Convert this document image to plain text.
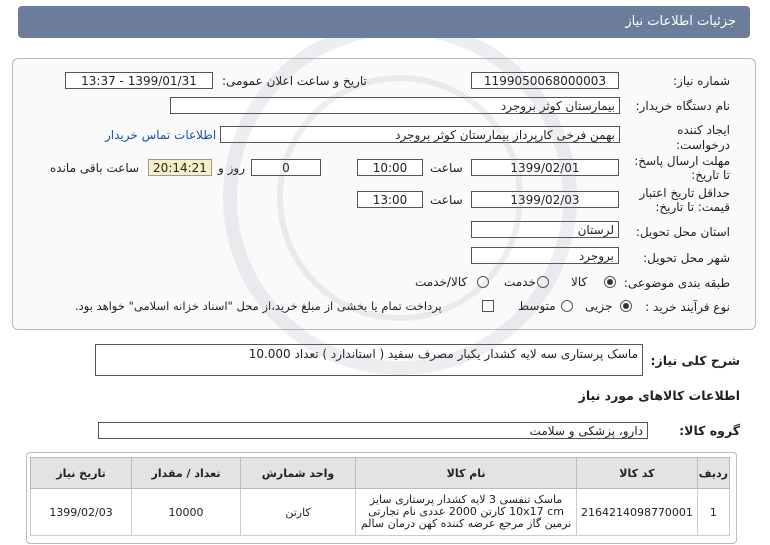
جزئیات اطلاعات نیاز
شماره نیاز:
1199050068000003
تاریخ و ساعت اعلان عمومی:
1399/01/31 - 13:37
نام دستگاه خریدار:
بیمارستان کوثر بروجرد
ایجاد کننده
درخواست:
بهمن فرخی کارپرداز بیمارستان کوثر بروجرد
اطلاعات تماس خریدار
مهلت ارسال پاسخ:
تا تاریخ:
1399/02/01
ساعت
10:00
0
روز و
20:14:21
ساعت باقی مانده
حداقل تاریخ اعتبار
قیمت: تا تاریخ:
1399/02/03
ساعت
13:00
استان محل تحویل:
لرستان
شهر محل تحویل:
بروجرد
طبقه بندی موضوعی:
کالا
خدمت
کالا/خدمت
نوع فرآیند خرید :
جزیی
متوسط
پرداخت تمام یا بخشی از مبلغ خرید،از محل "اسناد خزانه اسلامی" خواهد بود.
شرح کلی نیاز:
ماسک پرستاری سه لایه کشدار یکبار مصرف سفید ( استاندارد ) تعداد 10.000
اطلاعات کالاهای مورد نیاز
گروه کالا:
دارو، پزشکی و سلامت
ردیف	کد کالا	نام کالا	واحد شمارش	تعداد / مقدار	تاریخ نیاز
1	2164214098770001	ماسک تنفسی 3 لایه کشدار پرستاری سایز 10x17 cm کارتن 2000 عددی نام تجارتی نرمین گاز مرجع عرضه کننده کهن درمان سالم	کارتن	10000	1399/02/03
